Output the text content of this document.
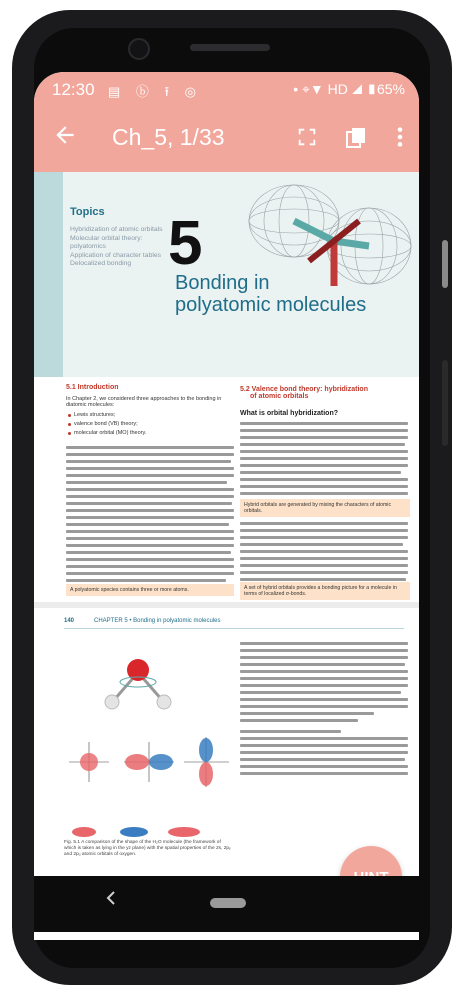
12:30 ▤ ⓑ ⭱ ◎	• ⌖▼ HD ◢ ▮65%
Ch_5, 1/33
Topics
Hybridization of atomic orbitals
Molecular orbital theory: polyatomics
Application of character tables
Delocalized bonding 5
Bonding in
polyatomic molecules
5.1 Introduction
In Chapter 2, we considered three approaches to the bonding in diatomic molecules:
Lewis structures;
valence bond (VB) theory;
molecular orbital (MO) theory.
A polyatomic species contains three or more atoms.
5.2 Valence bond theory: hybridization
of atomic orbitals
What is orbital hybridization?
Hybrid orbitals are generated by mixing the characters of atomic orbitals.
A set of hybrid orbitals provides a bonding picture for a molecule in terms of localized σ-bonds.
140	CHAPTER 5 • Bonding in polyatomic molecules
Fig. 5.1 A comparison of the shape of the H₂O molecule (the framework of which is taken as lying in the yz plane) with the spatial properties of the 2s, 2pᵧ and 2pᵤ atomic orbitals of oxygen.
